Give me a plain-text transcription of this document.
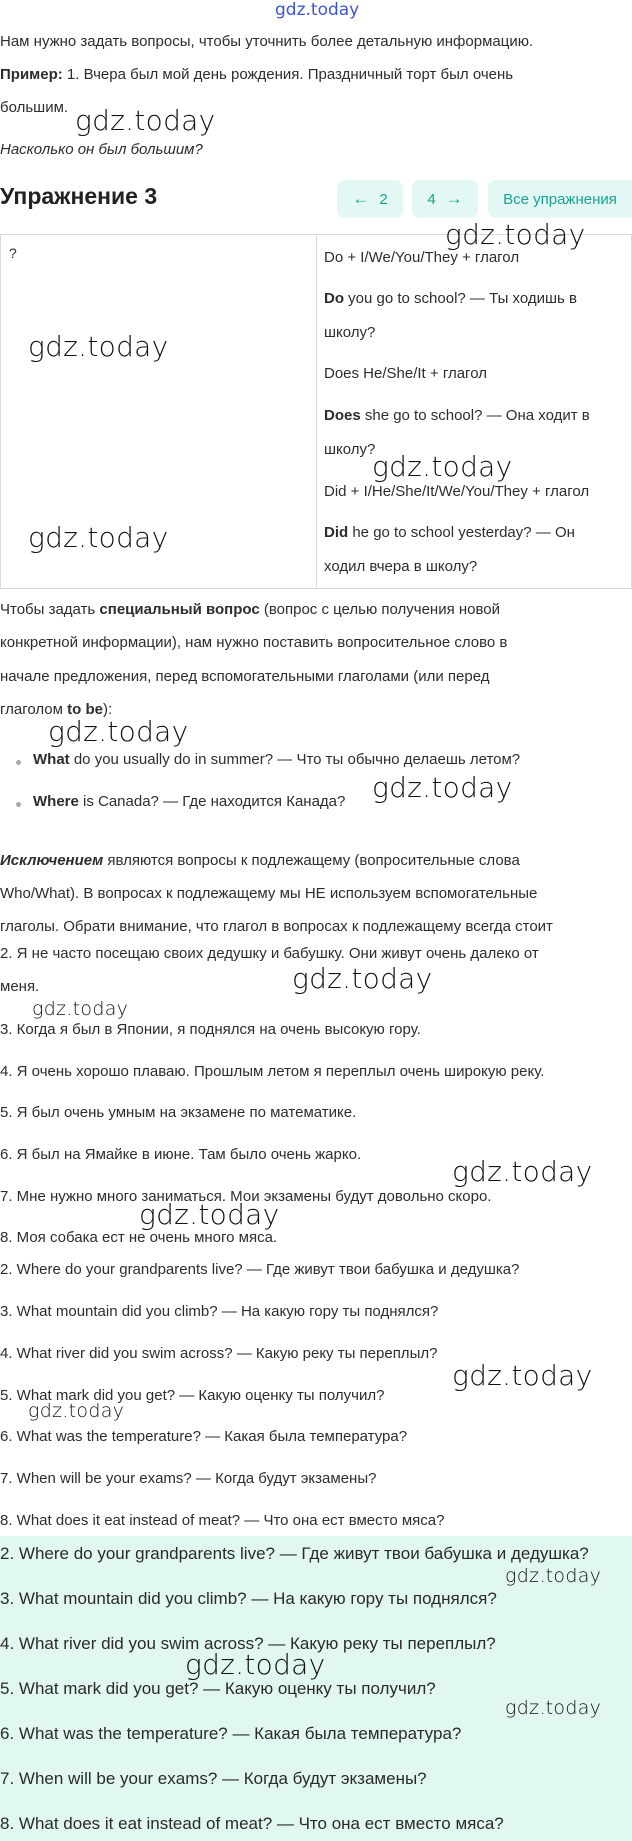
gdz.today
Нам нужно задать вопросы, чтобы уточнить более детальную информацию.
Пример: 1. Вчера был мой день рождения. Праздничный торт был очень
большим.
Насколько он был большим?
Упражнение 3	← 2	4 →	Все упражнения
?	Do + I/We/You/They + глагол
Do you go to school? — Ты ходишь в
школу?
Does He/She/It + глагол
Does she go to school? — Она ходит в
школу?
Did + I/He/She/It/We/You/They + глагол
Did he go to school yesterday? — Он
ходил вчера в школу?
Чтобы задать специальный вопрос (вопрос с целью получения новой
конкретной информации), нам нужно поставить вопросительное слово в
начале предложения, перед вспомогательными глаголами (или перед
глаголом to be):
What do you usually do in summer? — Что ты обычно делаешь летом?
Where is Canada? — Где находится Канада?
Исключением являются вопросы к подлежащему (вопросительные слова
Who/What). В вопросах к подлежащему мы НЕ используем вспомогательные
глаголы. Обрати внимание, что глагол в вопросах к подлежащему всегда стоит
2. Я не часто посещаю своих дедушку и бабушку. Они живут очень далеко от
меня.
3. Когда я был в Японии, я поднялся на очень высокую гору.
4. Я очень хорошо плаваю. Прошлым летом я переплыл очень широкую реку.
5. Я был очень умным на экзамене по математике.
6. Я был на Ямайке в июне. Там было очень жарко.
7. Мне нужно много заниматься. Мои экзамены будут довольно скоро.
8. Моя собака ест не очень много мяса.
2. Where do your grandparents live? — Где живут твои бабушка и дедушка?
3. What mountain did you climb? — На какую гору ты поднялся?
4. What river did you swim across? — Какую реку ты переплыл?
5. What mark did you get? — Какую оценку ты получил?
6. What was the temperature? — Какая была температура?
7. When will be your exams? — Когда будут экзамены?
8. What does it eat instead of meat? — Что она ест вместо мяса?
2. Where do your grandparents live? — Где живут твои бабушка и дедушка?
3. What mountain did you climb? — На какую гору ты поднялся?
4. What river did you swim across? — Какую реку ты переплыл?
5. What mark did you get? — Какую оценку ты получил?
6. What was the temperature? — Какая была температура?
7. When will be your exams? — Когда будут экзамены?
8. What does it eat instead of meat? — Что она ест вместо мяса?
gdz.today
gdz.today
gdz.today
gdz.today
gdz.today
gdz.today
gdz.today
gdz.today
gdz.today
gdz.today
gdz.today
gdz.today
gdz.today
gdz.today
gdz.today
gdz.today
